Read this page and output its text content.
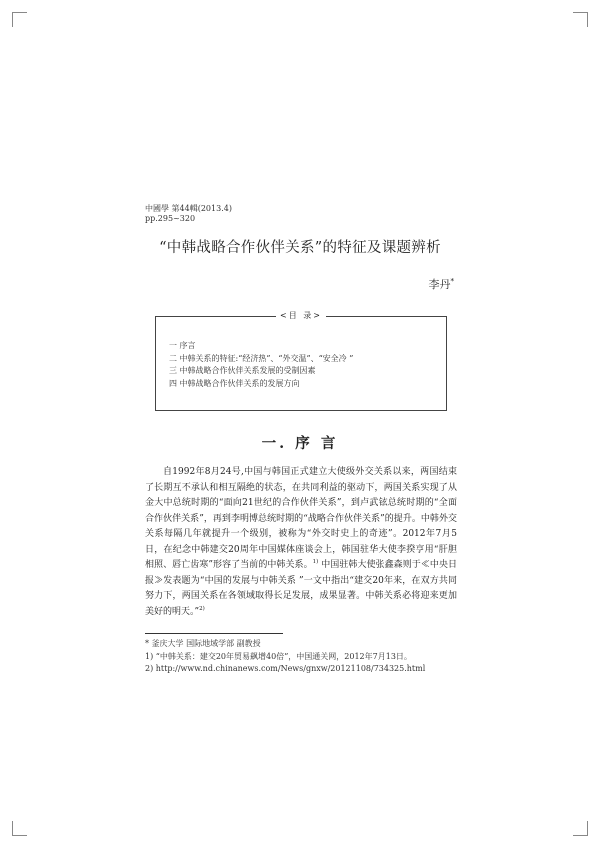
中國學 第44輯(2013.4)
pp.295~320
“中韩战略合作伙伴关系”的特征及课题辨析
李丹*
<目 录>
一 序言
二 中韩关系的特征:“经济热”、“外交温”、“安全冷 ”
三 中韩战略合作伙伴关系发展的受制因素
四 中韩战略合作伙伴关系的发展方向
一. 序 言

自1992年8月24号,中国与韩国正式建立大使级外交关系以来，两国结束了长期互不承认和相互隔绝的状态，在共同利益的驱动下，两国关系实现了从金大中总统时期的“面向21世纪的合作伙伴关系”，到卢武铉总统时期的“全面合作伙伴关系”，再到李明博总统时期的“战略合作伙伴关系”的提升。中韩外交关系每隔几年就提升一个级别，被称为“外交时史上的奇迹”。2012年7月5日，在纪念中韩建交20周年中国媒体座谈会上，韩国驻华大使李揆亨用“肝胆相照、唇亡齿寒”形容了当前的中韩关系。$^{1)}$ 中国驻韩大使张鑫森则于≪中央日报≫发表题为“中国的发展与中韩关系 ”一文中指出“建交20年来，在双方共同努力下，两国关系在各领域取得长足发展，成果显著。中韩关系必将迎来更加美好的明天。”$^{2)}$

* 釜庆大学 国际地域学部 副教授
1) “中韩关系：建交20年贸易飙增40倍”，中国通关网，2012年7月13日。
2) http://www.nd.chinanews.com/News/gnxw/20121108/734325.html
